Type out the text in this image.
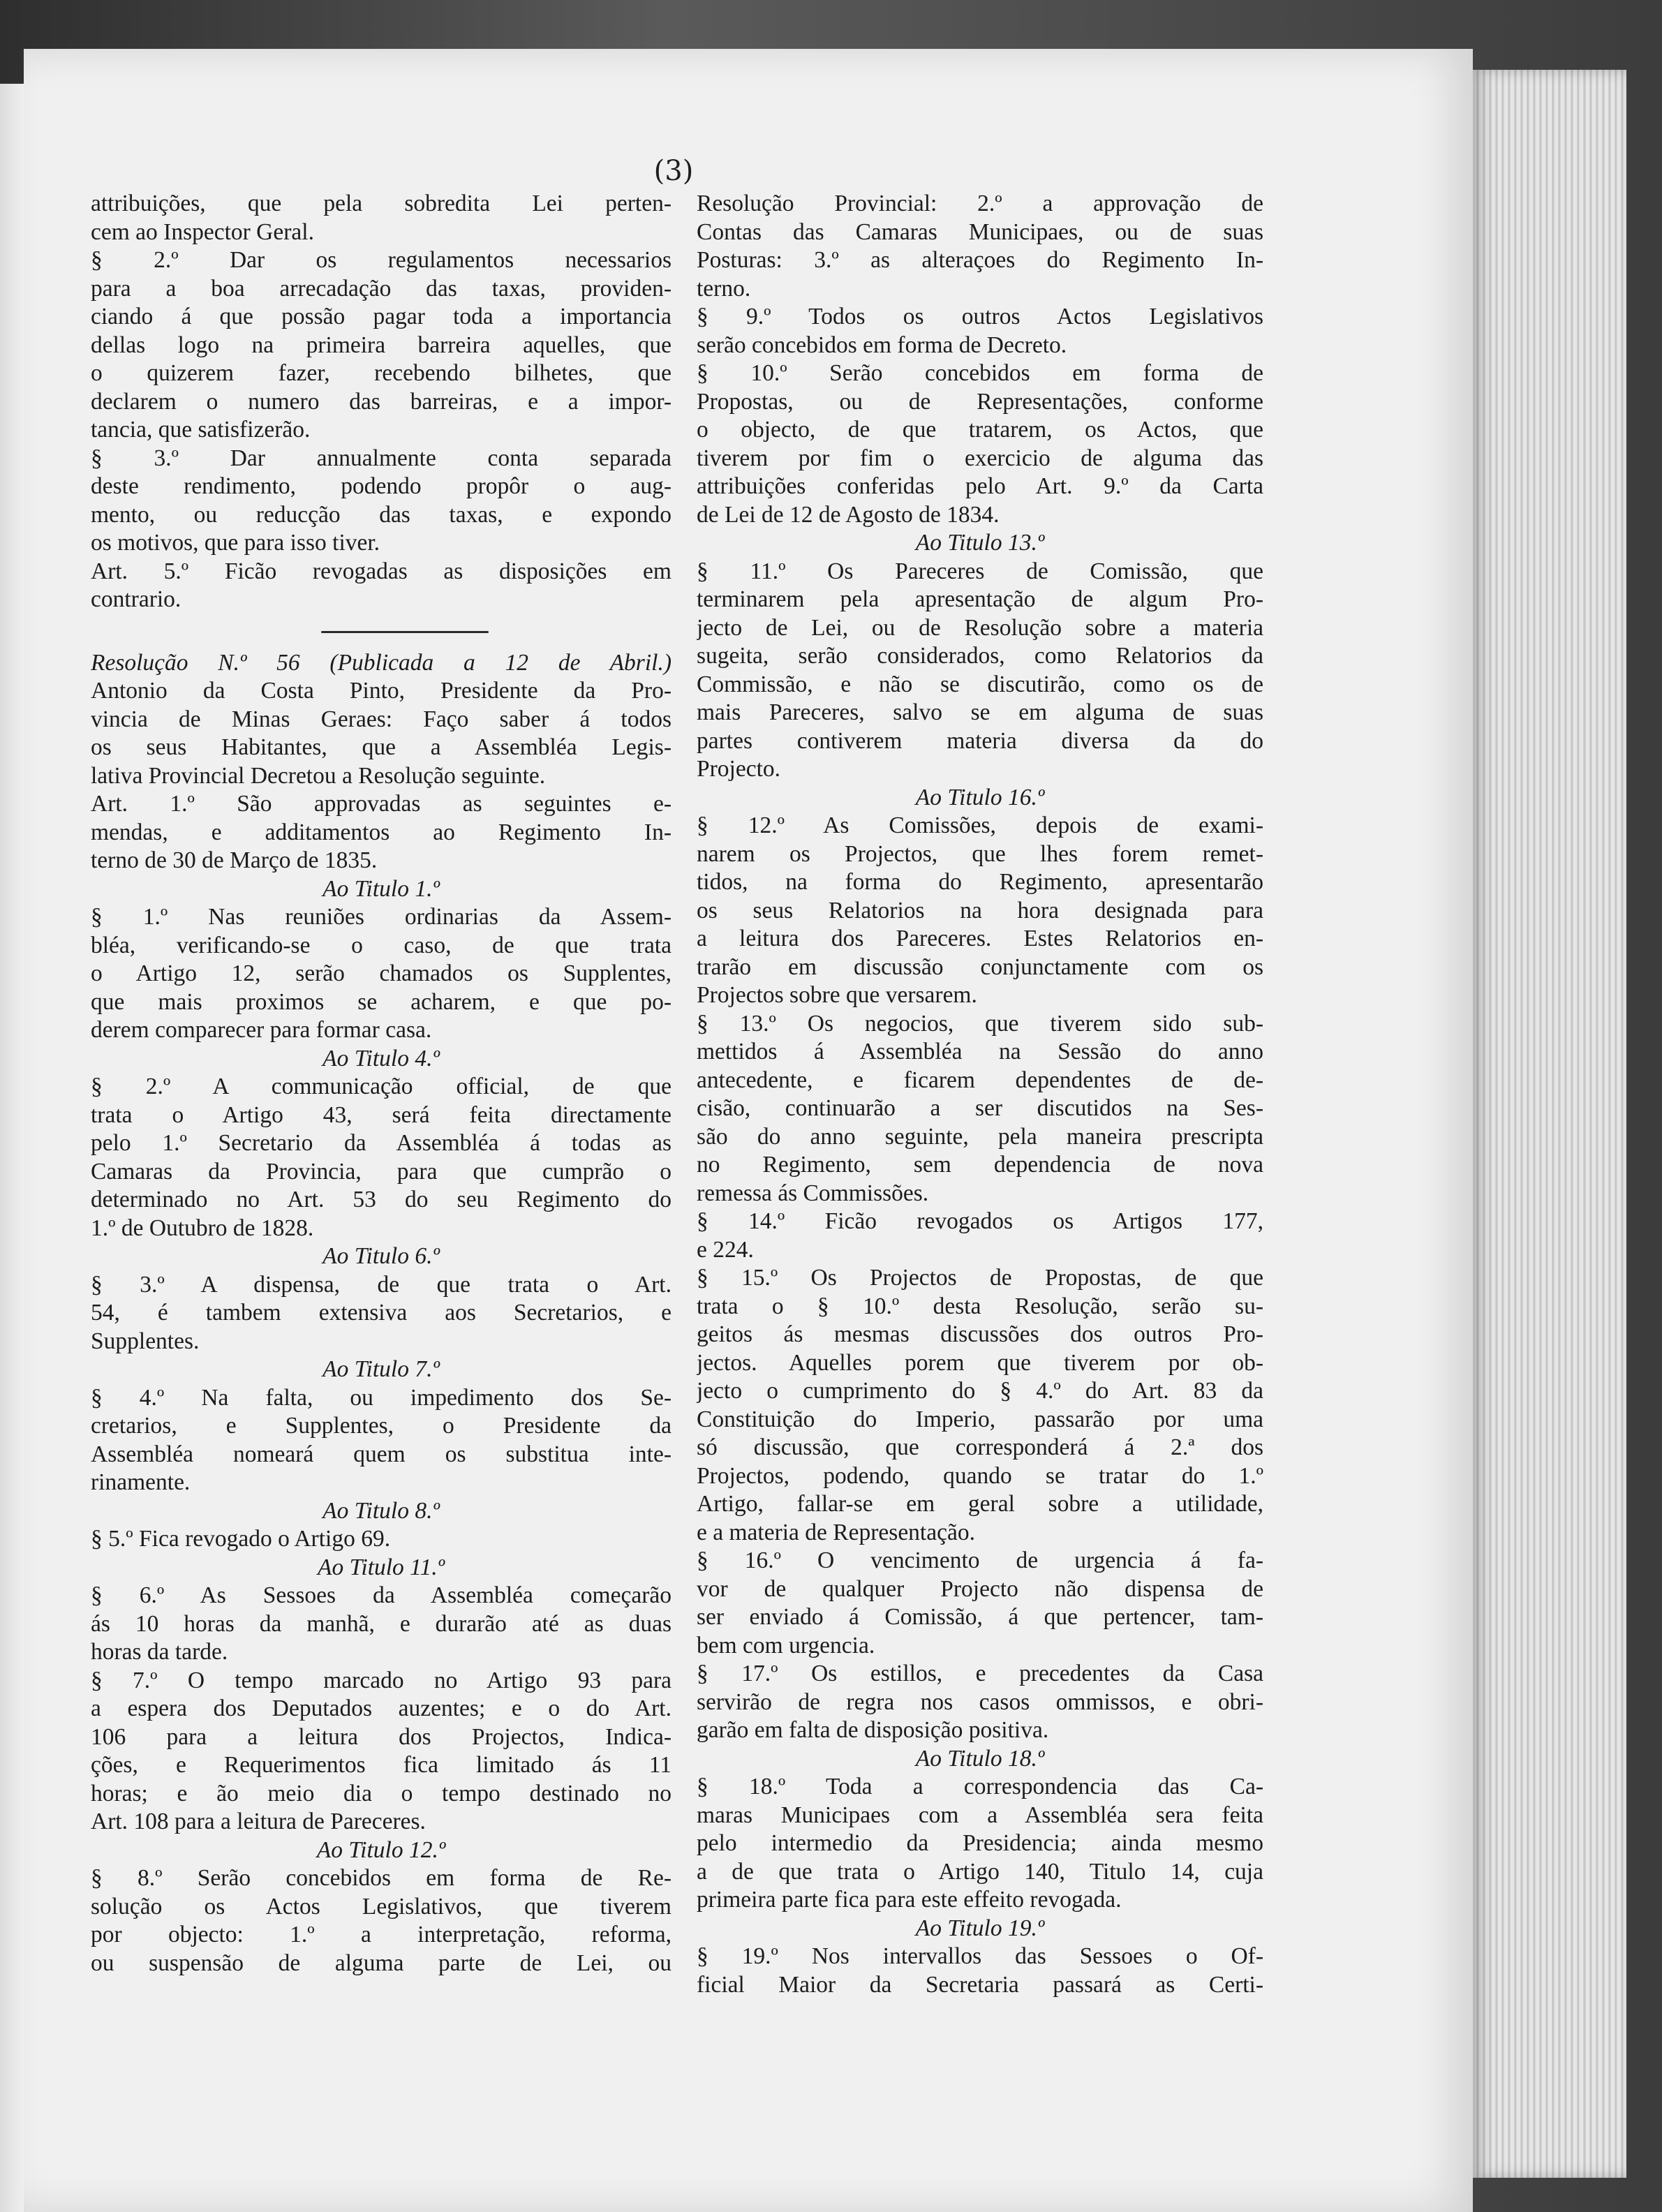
(3)
attribuições, que pela sobredita Lei perten-
cem ao Inspector Geral.
§ 2.º Dar os regulamentos necessarios
para a boa arrecadação das taxas, providen-
ciando á que possão pagar toda a importancia
dellas logo na primeira barreira aquelles, que
o quizerem fazer, recebendo bilhetes, que
declarem o numero das barreiras, e a impor-
tancia, que satisfizerão.
§ 3.º Dar annualmente conta separada
deste rendimento, podendo propôr o aug-
mento, ou reducção das taxas, e expondo
os motivos, que para isso tiver.
Art. 5.º Ficão revogadas as disposições em
contrario.
Resolução N.º 56 (Publicada a 12 de Abril.)
Antonio da Costa Pinto, Presidente da Pro-
vincia de Minas Geraes: Faço saber á todos
os seus Habitantes, que a Assembléa Legis-
lativa Provincial Decretou a Resolução seguinte.
Art. 1.º São approvadas as seguintes e-
mendas, e additamentos ao Regimento In-
terno de 30 de Março de 1835.
Ao Titulo 1.º
§ 1.º Nas reuniões ordinarias da Assem-
bléa, verificando-se o caso, de que trata
o Artigo 12, serão chamados os Supplentes,
que mais proximos se acharem, e que po-
derem comparecer para formar casa.
Ao Titulo 4.º
§ 2.º A communicação official, de que
trata o Artigo 43, será feita directamente
pelo 1.º Secretario da Assembléa á todas as
Camaras da Provincia, para que cumprão o
determinado no Art. 53 do seu Regimento do
1.º de Outubro de 1828.
Ao Titulo 6.º
§ 3.º A dispensa, de que trata o Art.
54, é tambem extensiva aos Secretarios, e
Supplentes.
Ao Titulo 7.º
§ 4.º Na falta, ou impedimento dos Se-
cretarios, e Supplentes, o Presidente da
Assembléa nomeará quem os substitua inte-
rinamente.
Ao Titulo 8.º
§ 5.º Fica revogado o Artigo 69.
Ao Titulo 11.º
§ 6.º As Sessoes da Assembléa começarão
ás 10 horas da manhã, e durarão até as duas
horas da tarde.
§ 7.º O tempo marcado no Artigo 93 para
a espera dos Deputados auzentes; e o do Art.
106 para a leitura dos Projectos, Indica-
ções, e Requerimentos fica limitado ás 11
horas; e ão meio dia o tempo destinado no
Art. 108 para a leitura de Pareceres.
Ao Titulo 12.º
§ 8.º Serão concebidos em forma de Re-
solução os Actos Legislativos, que tiverem
por objecto: 1.º a interpretação, reforma,
ou suspensão de alguma parte de Lei, ou
Resolução Provincial: 2.º a approvação de
Contas das Camaras Municipaes, ou de suas
Posturas: 3.º as alteraçoes do Regimento In-
terno.
§ 9.º Todos os outros Actos Legislativos
serão concebidos em forma de Decreto.
§ 10.º Serão concebidos em forma de
Propostas, ou de Representações, conforme
o objecto, de que tratarem, os Actos, que
tiverem por fim o exercicio de alguma das
attribuições conferidas pelo Art. 9.º da Carta
de Lei de 12 de Agosto de 1834.
Ao Titulo 13.º
§ 11.º Os Pareceres de Comissão, que
terminarem pela apresentação de algum Pro-
jecto de Lei, ou de Resolução sobre a materia
sugeita, serão considerados, como Relatorios da
Commissão, e não se discutirão, como os de
mais Pareceres, salvo se em alguma de suas
partes contiverem materia diversa da do
Projecto.
Ao Titulo 16.º
§ 12.º As Comissões, depois de exami-
narem os Projectos, que lhes forem remet-
tidos, na forma do Regimento, apresentarão
os seus Relatorios na hora designada para
a leitura dos Pareceres. Estes Relatorios en-
trarão em discussão conjunctamente com os
Projectos sobre que versarem.
§ 13.º Os negocios, que tiverem sido sub-
mettidos á Assembléa na Sessão do anno
antecedente, e ficarem dependentes de de-
cisão, continuarão a ser discutidos na Ses-
são do anno seguinte, pela maneira prescripta
no Regimento, sem dependencia de nova
remessa ás Commissões.
§ 14.º Ficão revogados os Artigos 177,
e 224.
§ 15.º Os Projectos de Propostas, de que
trata o § 10.º desta Resolução, serão su-
geitos ás mesmas discussões dos outros Pro-
jectos. Aquelles porem que tiverem por ob-
jecto o cumprimento do § 4.º do Art. 83 da
Constituição do Imperio, passarão por uma
só discussão, que corresponderá á 2.ª dos
Projectos, podendo, quando se tratar do 1.º
Artigo, fallar-se em geral sobre a utilidade,
e a materia de Representação.
§ 16.º O vencimento de urgencia á fa-
vor de qualquer Projecto não dispensa de
ser enviado á Comissão, á que pertencer, tam-
bem com urgencia.
§ 17.º Os estillos, e precedentes da Casa
servirão de regra nos casos ommissos, e obri-
garão em falta de disposição positiva.
Ao Titulo 18.º
§ 18.º Toda a correspondencia das Ca-
maras Municipaes com a Assembléa sera feita
pelo intermedio da Presidencia; ainda mesmo
a de que trata o Artigo 140, Titulo 14, cuja
primeira parte fica para este effeito revogada.
Ao Titulo 19.º
§ 19.º Nos intervallos das Sessoes o Of-
ficial Maior da Secretaria passará as Certi-
